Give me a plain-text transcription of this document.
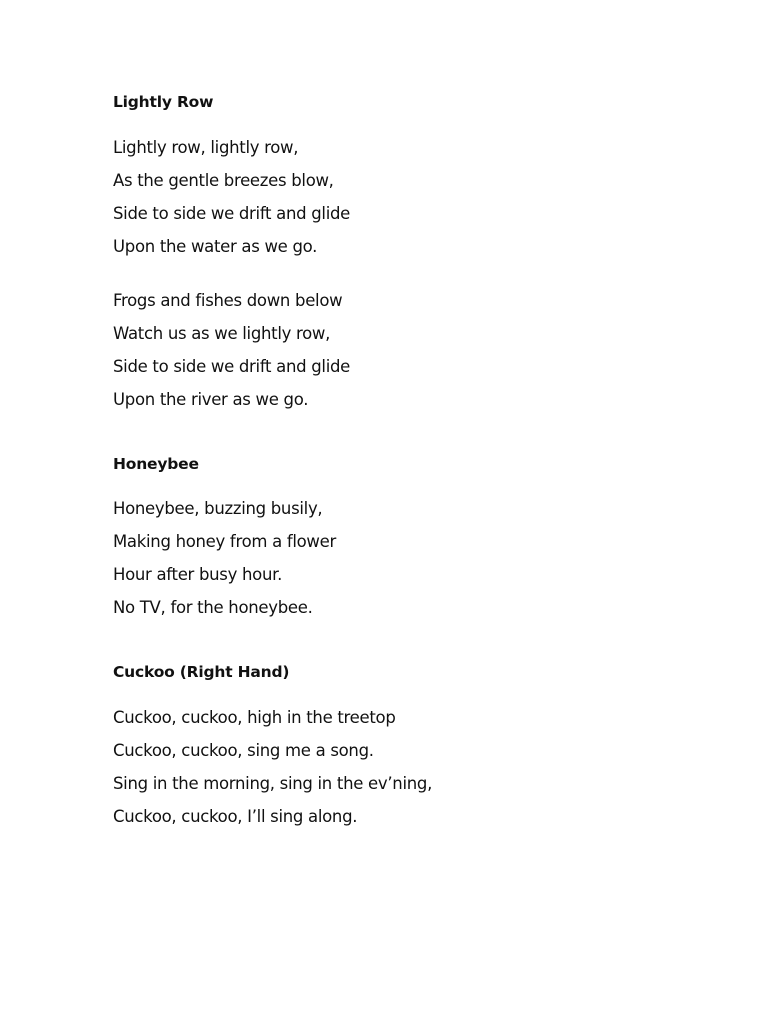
Lightly Row
Lightly row, lightly row,
As the gentle breezes blow,
Side to side we drift and glide
Upon the water as we go.
Frogs and fishes down below
Watch us as we lightly row,
Side to side we drift and glide
Upon the river as we go.
Honeybee
Honeybee, buzzing busily,
Making honey from a flower
Hour after busy hour.
No TV, for the honeybee.
Cuckoo (Right Hand)
Cuckoo, cuckoo, high in the treetop
Cuckoo, cuckoo, sing me a song.
Sing in the morning, sing in the ev’ning,
Cuckoo, cuckoo, I’ll sing along.
